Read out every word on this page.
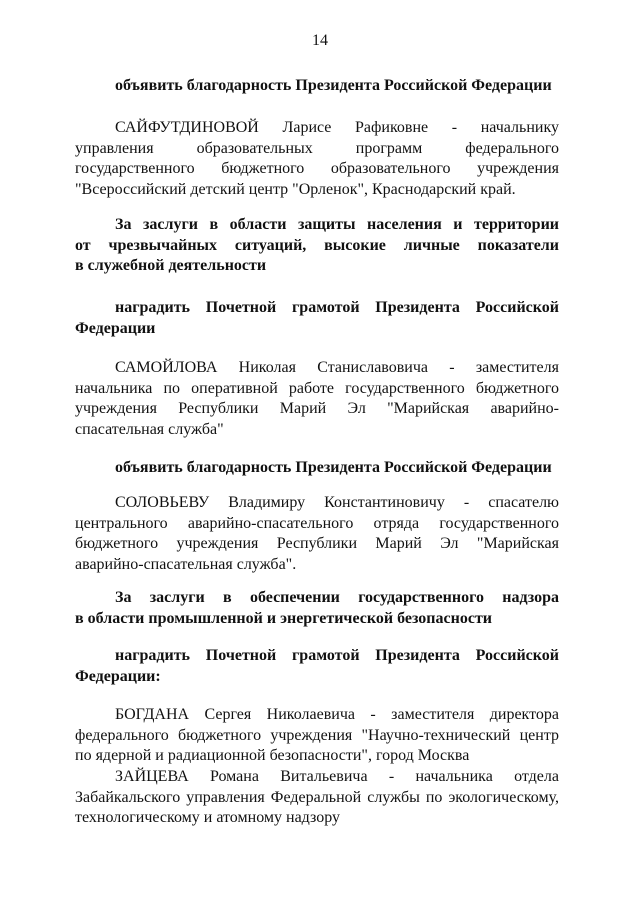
14
объявить благодарность Президента Российской Федерации
САЙФУТДИНОВОЙ Ларисе Рафиковне - начальнику
управления образовательных программ федерального
государственного бюджетного образовательного учреждения
"Всероссийский детский центр "Орленок", Краснодарский край.
За заслуги в области защиты населения и территории
от чрезвычайных ситуаций, высокие личные показатели
в служебной деятельности
наградить Почетной грамотой Президента Российской
Федерации
САМОЙЛОВА Николая Станиславовича - заместителя
начальника по оперативной работе государственного бюджетного
учреждения Республики Марий Эл "Марийская аварийно-
спасательная служба"
объявить благодарность Президента Российской Федерации
СОЛОВЬЕВУ Владимиру Константиновичу - спасателю
центрального аварийно-спасательного отряда государственного
бюджетного учреждения Республики Марий Эл "Марийская
аварийно-спасательная служба".
За заслуги в обеспечении государственного надзора
в области промышленной и энергетической безопасности
наградить Почетной грамотой Президента Российской
Федерации:
БОГДАНА Сергея Николаевича - заместителя директора
федерального бюджетного учреждения "Научно-технический центр
по ядерной и радиационной безопасности", город Москва
ЗАЙЦЕВА Романа Витальевича - начальника отдела
Забайкальского управления Федеральной службы по экологическому,
технологическому и атомному надзору
